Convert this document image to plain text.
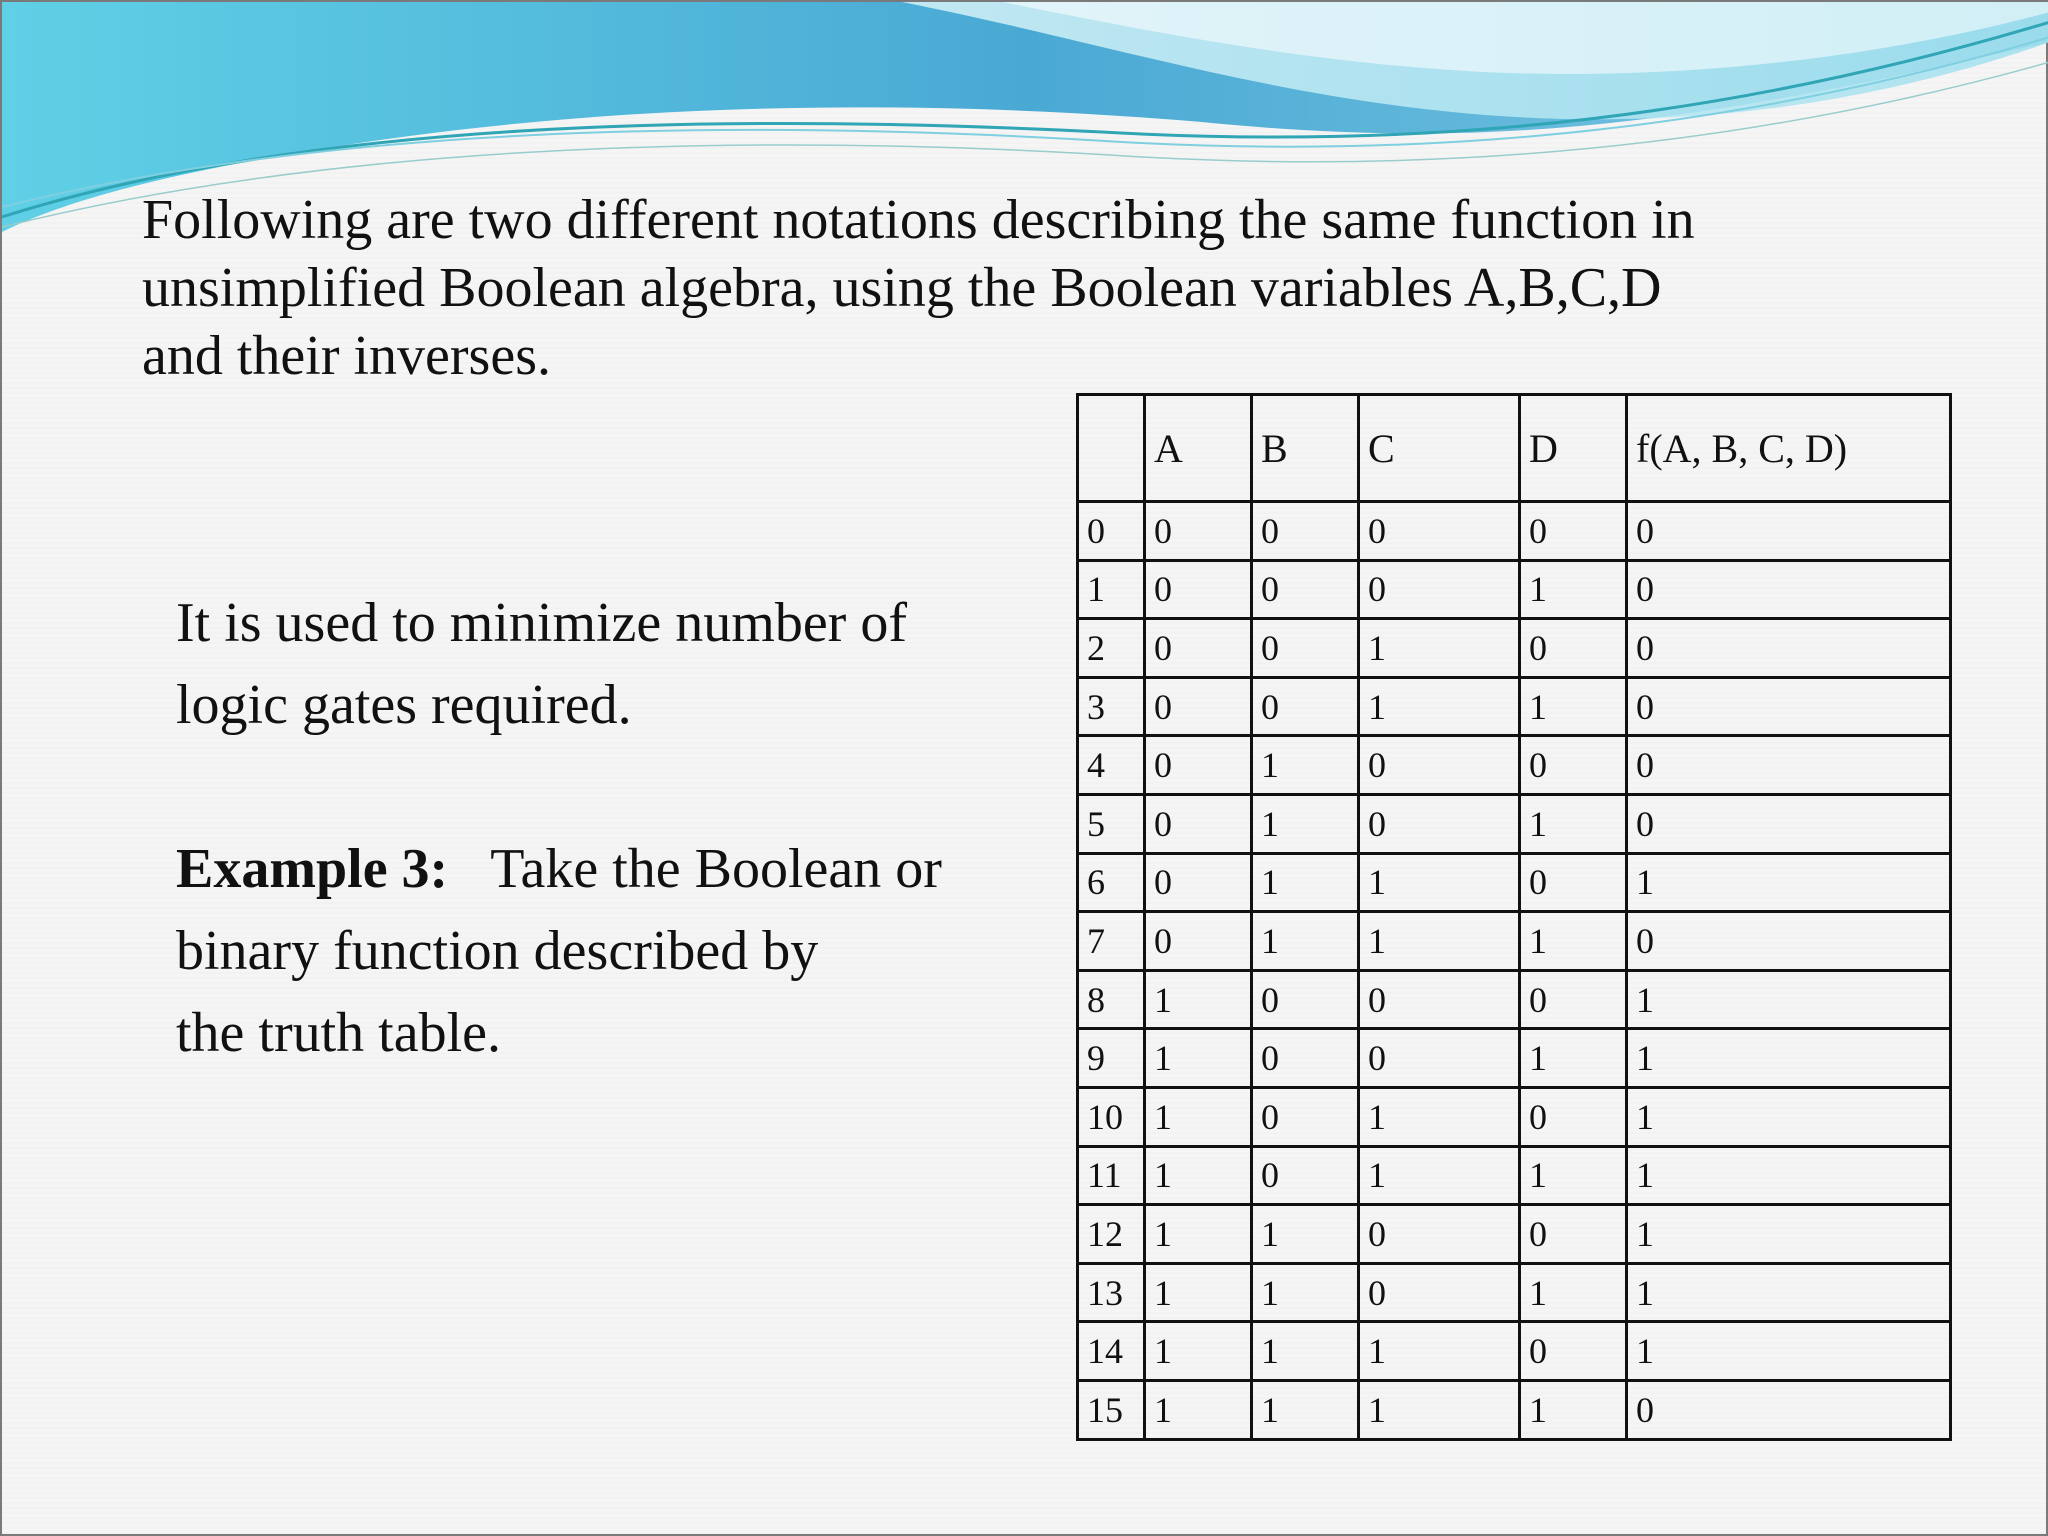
Following are two different notations describing the same function in
unsimplified Boolean algebra, using the Boolean variables A,B,C,D
and their inverses.

It is used to minimize number of

logic gates required.

Example 3: Take the Boolean or

binary function described by

the truth table.

	A	B	C	D	f(A, B, C, D)
0	0	0	0	0	0
1	0	0	0	1	0
2	0	0	1	0	0
3	0	0	1	1	0
4	0	1	0	0	0
5	0	1	0	1	0
6	0	1	1	0	1
7	0	1	1	1	0
8	1	0	0	0	1
9	1	0	0	1	1
10	1	0	1	0	1
11	1	0	1	1	1
12	1	1	0	0	1
13	1	1	0	1	1
14	1	1	1	0	1
15	1	1	1	1	0
